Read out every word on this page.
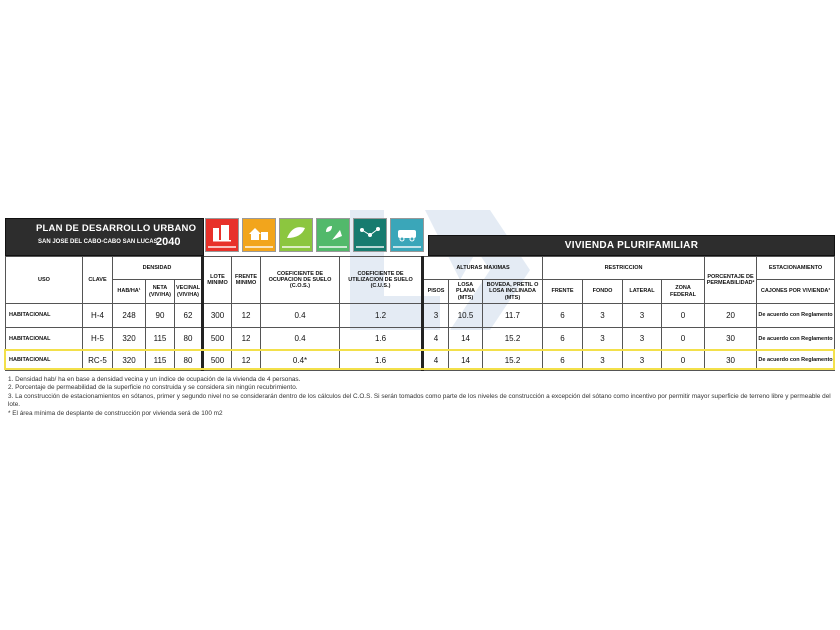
PLAN DE DESARROLLO URBANO
SAN JOSE DEL CABO-CABO SAN LUCAS
2040	VIVIENDA PLURIFAMILIAR
USO	CLAVE	DENSIDAD			LOTE MINIMO	FRENTE MINIMO	COEFICIENTE DE OCUPACION DE SUELO (C.O.S.)	COEFICIENTE DE UTILIZACION DE SUELO (C.U.S.)	ALTURAS MAXIMAS			RESTRICCION				PORCENTAJE DE PERMEABILIDAD²	ESTACIONAMIENTO
		HAB/HA¹	NETA (VIV/HA)	VECINAL (VIV/HA)					PISOS	LOSA PLANA (MTS)	BOVEDA, PRETIL O LOSA INCLINADA (MTS)	FRENTE	FONDO	LATERAL	ZONA FEDERAL		CAJONES POR VIVIENDA³
HABITACIONAL	H-4	248	90	62	300	12	0.4	1.2	3	10.5	11.7	6	3	3	0	20	De acuerdo con Reglamento
HABITACIONAL	H-5	320	115	80	500	12	0.4	1.6	4	14	15.2	6	3	3	0	30	De acuerdo con Reglamento
HABITACIONAL	RC-5	320	115	80	500	12	0.4*	1.6	4	14	15.2	6	3	3	0	30	De acuerdo con Reglamento

1. Densidad hab/ ha en base a densidad vecina y un índice de ocupación de la vivienda de 4 personas.

2. Porcentaje de permeabilidad de la superficie no construida y se considera sin ningún recubrimiento.

3. La construcción de estacionamientos en sótanos, primer y segundo nivel no se considerarán dentro de los cálculos del C.O.S. Si serán tomados como parte de los niveles de construcción a excepción del sótano como incentivo por permitir mayor superficie de terreno libre y permeable del lote.

* El área mínima de desplante de construcción por vivienda será de 100 m2
